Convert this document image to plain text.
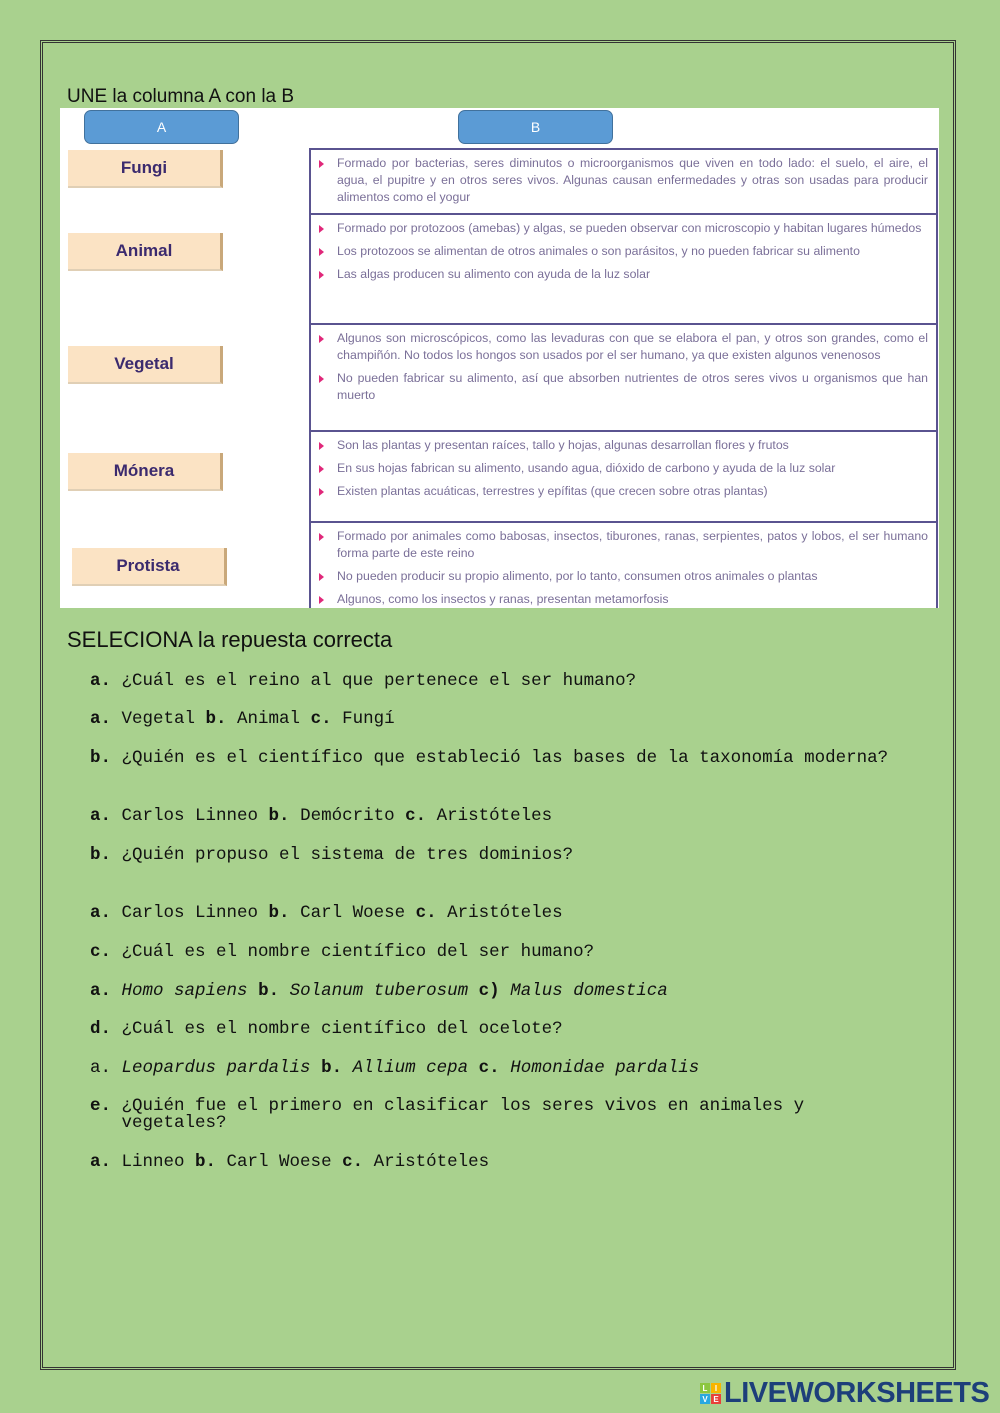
UNE la columna A con la B
A	B
Fungi
Animal
Vegetal
Mónera
Protista

Formado por bacterias, seres diminutos o microorganismos que viven en todo lado: el suelo, el aire, el agua, el pupitre y en otros seres vivos. Algunas causan enfermedades y otras son usadas para producir alimentos como el yogur

Formado por protozoos (amebas) y algas, se pueden observar con microscopio y habitan lugares húmedos

Los protozoos se alimentan de otros animales o son parásitos, y no pueden fabricar su alimento

Las algas producen su alimento con ayuda de la luz solar

Algunos son microscópicos, como las levaduras con que se elabora el pan, y otros son grandes, como el champiñón. No todos los hongos son usados por el ser humano, ya que existen algunos venenosos

No pueden fabricar su alimento, así que absorben nutrientes de otros seres vivos u organismos que han muerto

Son las plantas y presentan raíces, tallo y hojas, algunas desarrollan flores y frutos

En sus hojas fabrican su alimento, usando agua, dióxido de carbono y ayuda de la luz solar

Existen plantas acuáticas, terrestres y epífitas (que crecen sobre otras plantas)

Formado por animales como babosas, insectos, tiburones, ranas, serpientes, patos y lobos, el ser humano forma parte de este reino

No pueden producir su propio alimento, por lo tanto, consumen otros animales o plantas

Algunos, como los insectos y ranas, presentan metamorfosis

SELECIONA la repuesta correcta
a. ¿Cuál es el reino al que pertenece el ser humano?
a. Vegetal b. Animal c. Fungí
b. ¿Quién es el científico que estableció las bases de la taxonomía moderna?
a. Carlos Linneo b. Demócrito c. Aristóteles
b. ¿Quién propuso el sistema de tres dominios?
a. Carlos Linneo b. Carl Woese c. Aristóteles
c. ¿Cuál es el nombre científico del ser humano?
a. Homo sapiens b. Solanum tuberosum c) Malus domestica
d. ¿Cuál es el nombre científico del ocelote?
a. Leopardus pardalis b. Allium cepa c. Homonidae pardalis
e. ¿Quién fue el primero en clasificar los seres vivos en animales y
vegetales?
a. Linneo b. Carl Woese c. Aristóteles
L I
V E LIVEWORKSHEETS
